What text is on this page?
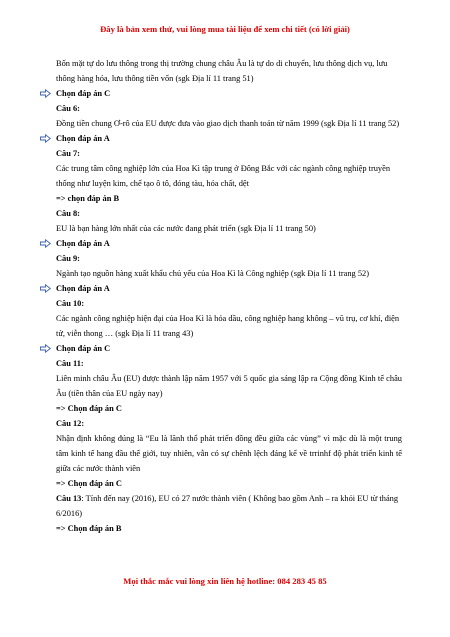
Đây là bản xem thử, vui lòng mua tài liệu để xem chi tiết (có lời giải)
Bốn mặt tự do lưu thông trong thị trường chung châu Âu là tự do di chuyển, lưu thông dịch vụ, lưu thông hàng hóa, lưu thông tiền vốn (sgk Địa lí 11 trang 51)
Chọn đáp án C
Câu 6:
Đồng tiền chung Ơ-rô của EU được đưa vào giao dịch thanh toán từ năm 1999 (sgk Địa lí 11 trang 52)
Chọn đáp án A
Câu 7:
Các trung tâm công nghiệp lớn của Hoa Kì tập trung ở Đông Bắc với các ngành công nghiệp truyền thống như luyện kim, chế tạo ô tô, đóng tàu, hóa chất, dệt
=> chọn đáp án B
Câu 8:
EU là bạn hàng lớn nhất của các nước đang phát triển (sgk Địa lí 11 trang 50)
Chọn đáp án A
Câu 9:
Ngành tạo nguồn hàng xuất khẩu chủ yếu của Hoa Kì là Công nghiệp (sgk Địa lí 11 trang 52)
Chọn đáp án A
Câu 10:
Các ngành công nghiệp hiện đại của Hoa Kì là hóa dầu, công nghiệp hang không – vũ trụ, cơ khí, điện tử, viễn thong … (sgk Địa lí 11 trang 43)
Chọn đáp án C
Câu 11:
Liên minh châu Âu (EU) được thành lập năm 1957 với 5 quốc gia sáng lập ra Cộng đồng Kinh tế châu Âu (tiền thân của EU ngày nay)
=> Chọn đáp án C
Câu 12:
Nhận định không đúng là “Eu là lãnh thổ phát triển đồng đều giữa các vùng” vì mặc dù là một trung tâm kinh tế hang đầu thế giới, tuy nhiên, vẫn có sự chênh lệch đáng kể về trrinhf độ phát triển kinh tế giữa các nước thành viên
=> Chọn đáp án C
Câu 13: Tính đến nay (2016), EU có 27 nước thành viên ( Không bao gồm Anh – ra khỏi EU từ tháng 6/2016)
=> Chọn đáp án B
Mọi thắc mắc vui lòng xin liên hệ hotline: 084 283 45 85
